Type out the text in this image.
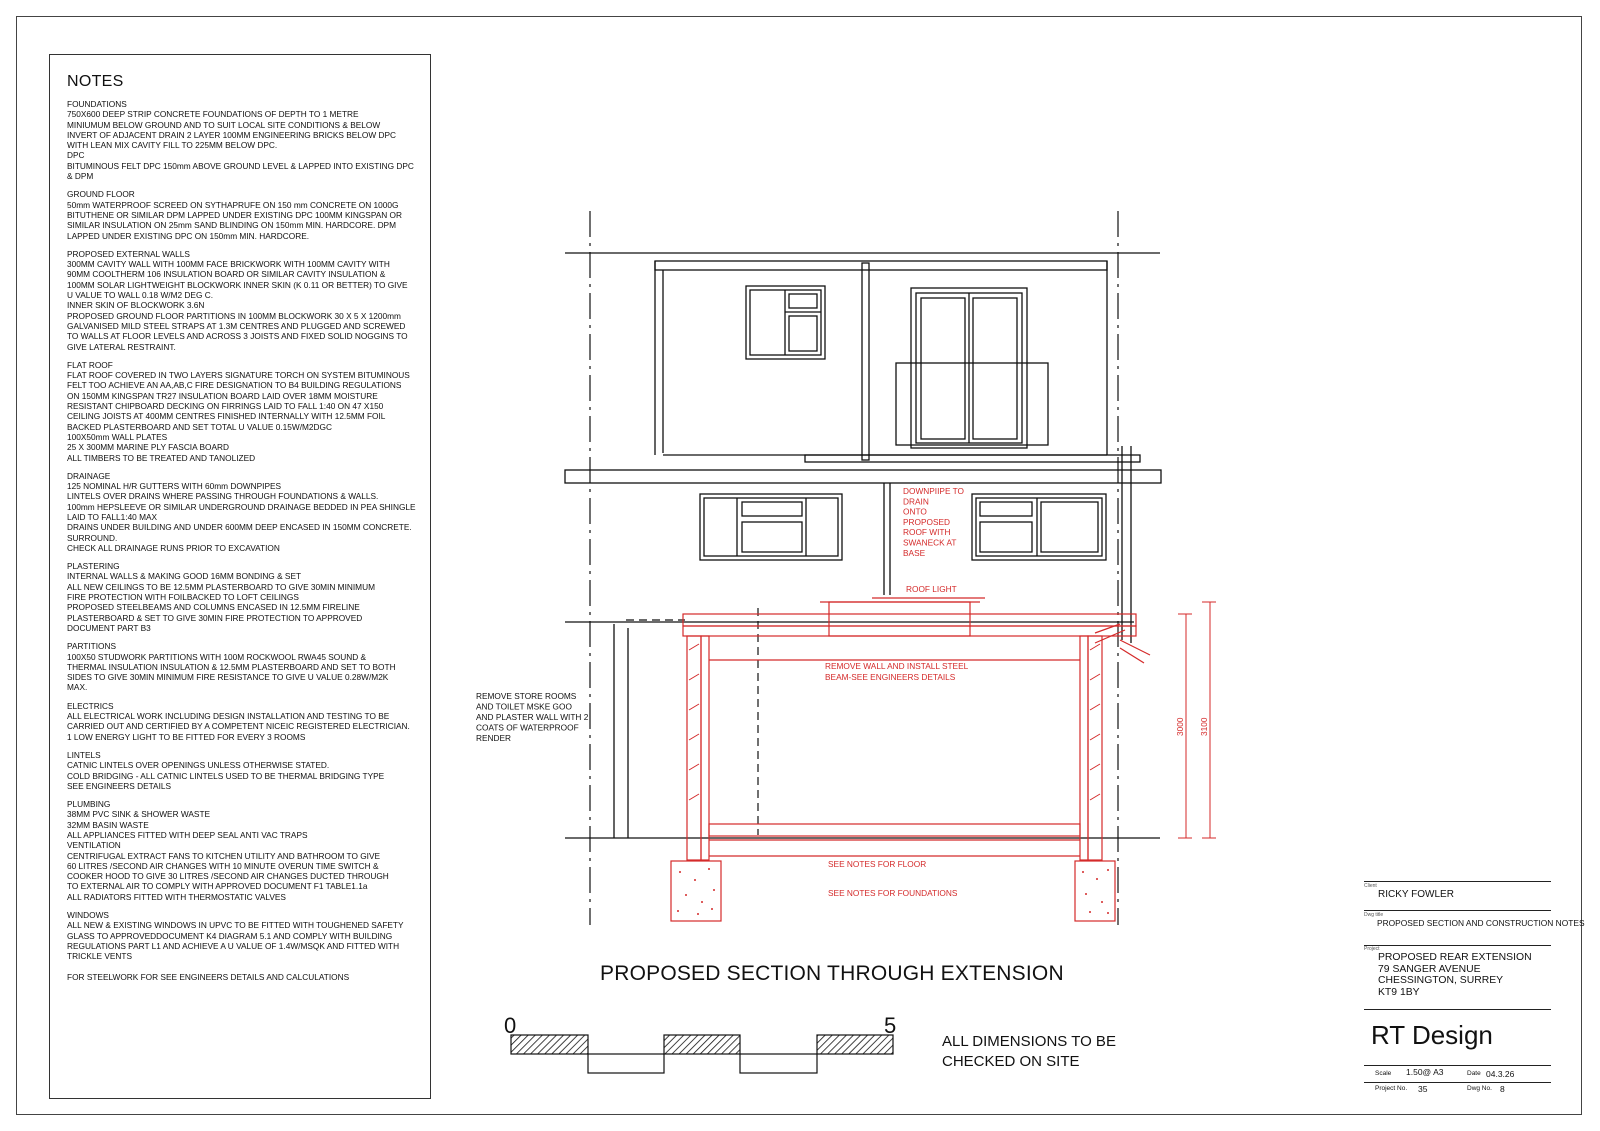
NOTES
FOUNDATIONS
750X600 DEEP STRIP CONCRETE FOUNDATIONS OF DEPTH TO 1 METRE
MINIUMUM BELOW GROUND AND TO SUIT LOCAL SITE CONDITIONS & BELOW
INVERT OF ADJACENT DRAIN 2 LAYER 100MM ENGINEERING BRICKS BELOW DPC
WITH LEAN MIX CAVITY FILL TO 225MM BELOW DPC.
DPC
BITUMINOUS FELT DPC 150mm ABOVE GROUND LEVEL & LAPPED INTO EXISTING DPC
& DPM
GROUND FLOOR
50mm WATERPROOF SCREED ON SYTHAPRUFE ON 150 mm CONCRETE ON 1000G
BITUTHENE OR SIMILAR DPM LAPPED UNDER EXISTING DPC 100MM KINGSPAN OR
SIMILAR INSULATION ON 25mm SAND BLINDING ON 150mm MIN. HARDCORE. DPM
LAPPED UNDER EXISTING DPC ON 150mm MIN. HARDCORE.
PROPOSED EXTERNAL WALLS
300MM CAVITY WALL WITH 100MM FACE BRICKWORK WITH 100MM CAVITY WITH
90MM COOLTHERM 106 INSULATION BOARD OR SIMILAR CAVITY INSULATION &
100MM SOLAR LIGHTWEIGHT BLOCKWORK INNER SKIN (K 0.11 OR BETTER) TO GIVE
U VALUE TO WALL 0.18 W/M2 DEG C.
INNER SKIN OF BLOCKWORK 3.6N
PROPOSED GROUND FLOOR PARTITIONS IN 100MM BLOCKWORK 30 X 5 X 1200mm
GALVANISED MILD STEEL STRAPS AT 1.3M CENTRES AND PLUGGED AND SCREWED
TO WALLS AT FLOOR LEVELS AND ACROSS 3 JOISTS AND FIXED SOLID NOGGINS TO
GIVE LATERAL RESTRAINT.
FLAT ROOF
FLAT ROOF COVERED IN TWO LAYERS SIGNATURE TORCH ON SYSTEM BITUMINOUS
FELT TOO ACHIEVE AN AA,AB,C FIRE DESIGNATION TO B4 BUILDING REGULATIONS
ON 150MM KINGSPAN TR27 INSULATION BOARD LAID OVER 18MM MOISTURE
RESISTANT CHIPBOARD DECKING ON FIRRINGS LAID TO FALL 1:40 ON 47 X150
CEILING JOISTS AT 400MM CENTRES FINISHED INTERNALLY WITH 12.5MM FOIL
BACKED PLASTERBOARD AND SET TOTAL U VALUE 0.15W/M2DGC
100X50mm WALL PLATES
25 X 300MM MARINE PLY FASCIA BOARD
ALL TIMBERS TO BE TREATED AND TANOLIZED
DRAINAGE
125 NOMINAL H/R GUTTERS WITH 60mm DOWNPIPES
LINTELS OVER DRAINS WHERE PASSING THROUGH FOUNDATIONS & WALLS.
100mm HEPSLEEVE OR SIMILAR UNDERGROUND DRAINAGE BEDDED IN PEA SHINGLE
LAID TO FALL1:40 MAX
DRAINS UNDER BUILDING AND UNDER 600MM DEEP ENCASED IN 150MM CONCRETE.
SURROUND.
CHECK ALL DRAINAGE RUNS PRIOR TO EXCAVATION
PLASTERING
INTERNAL WALLS & MAKING GOOD 16MM BONDING & SET
ALL NEW CEILINGS TO BE 12.5MM PLASTERBOARD TO GIVE 30MIN MINIMUM
FIRE PROTECTION WITH FOILBACKED TO LOFT CEILINGS
PROPOSED STEELBEAMS AND COLUMNS ENCASED IN 12.5MM FIRELINE
PLASTERBOARD & SET TO GIVE 30MIN FIRE PROTECTION TO APPROVED
DOCUMENT PART B3
PARTITIONS
100X50 STUDWORK PARTITIONS WITH 100M ROCKWOOL RWA45 SOUND &
THERMAL INSULATION INSULATION & 12.5MM PLASTERBOARD AND SET TO BOTH
SIDES TO GIVE 30MIN MINIMUM FIRE RESISTANCE TO GIVE U VALUE 0.28W/M2K
MAX.
ELECTRICS
ALL ELECTRICAL WORK INCLUDING DESIGN INSTALLATION AND TESTING TO BE
CARRIED OUT AND CERTIFIED BY A COMPETENT NICEIC REGISTERED ELECTRICIAN.
1 LOW ENERGY LIGHT TO BE FITTED FOR EVERY 3 ROOMS
LINTELS
CATNIC LINTELS OVER OPENINGS UNLESS OTHERWISE STATED.
COLD BRIDGING - ALL CATNIC LINTELS USED TO BE THERMAL BRIDGING TYPE
SEE ENGINEERS DETAILS
PLUMBING
38MM PVC SINK & SHOWER WASTE
32MM BASIN WASTE
ALL APPLIANCES FITTED WITH DEEP SEAL ANTI VAC TRAPS
VENTILATION
CENTRIFUGAL EXTRACT FANS TO KITCHEN UTILITY AND BATHROOM TO GIVE
60 LITRES /SECOND AIR CHANGES WITH 10 MINUTE OVERUN TIME SWITCH &
COOKER HOOD TO GIVE 30 LITRES /SECOND AIR CHANGES DUCTED THROUGH
TO EXTERNAL AIR TO COMPLY WITH APPROVED DOCUMENT F1 TABLE1.1a
ALL RADIATORS FITTED WITH THERMOSTATIC VALVES
WINDOWS
ALL NEW & EXISTING WINDOWS IN UPVC TO BE FITTED WITH TOUGHENED SAFETY
GLASS TO APPROVEDDOCUMENT K4 DIAGRAM 5.1 AND COMPLY WITH BUILDING
REGULATIONS PART L1 AND ACHIEVE A U VALUE OF 1.4W/MSQK AND FITTED WITH
TRICKLE VENTS

FOR STEELWORK FOR SEE ENGINEERS DETAILS AND CALCULATIONS
DOWNPIIPE TO DRAIN ONTO PROPOSED ROOF WITH SWANECK AT BASE
ROOF LIGHT
REMOVE WALL AND INSTALL STEEL BEAM-SEE ENGINEERS DETAILS
SEE NOTES FOR FLOOR
SEE NOTES FOR FOUNDATIONS
3000 3100
REMOVE STORE ROOMS AND TOILET MSKE GOO AND PLASTER WALL WITH 2 COATS OF WATERPROOF RENDER
0	5
PROPOSED SECTION THROUGH EXTENSION
ALL DIMENSIONS TO BE
CHECKED ON SITE
Client
RICKY FOWLER
Dwg title
PROPOSED SECTION AND CONSTRUCTION NOTES
Project
PROPOSED REAR EXTENSION
79 SANGER AVENUE
CHESSINGTON, SURREY
KT9 1BY
RT Design
Scale 1.50@ A3	Date 04.3.26
Project No. 35	Dwg No. 8
